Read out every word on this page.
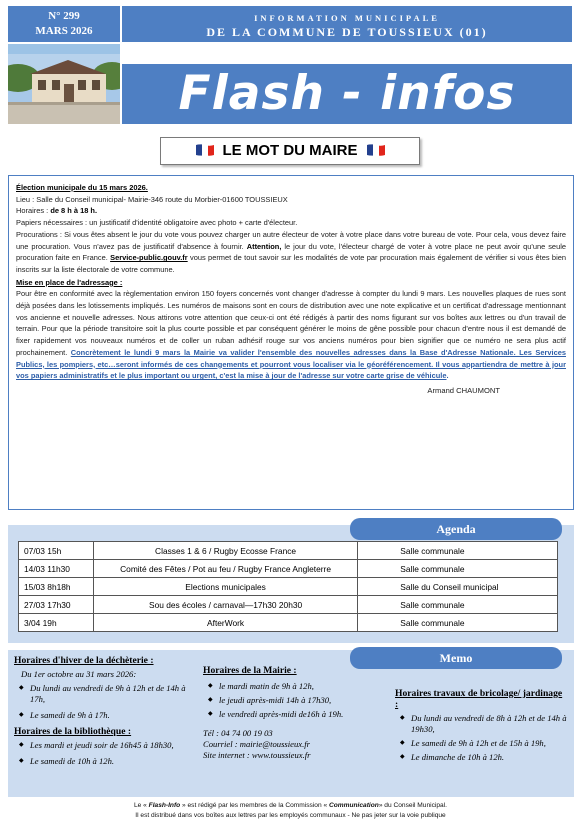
N° 299
MARS 2026
INFORMATION MUNICIPALE
DE LA COMMUNE DE TOUSSIEUX (01)
Flash - infos
LE MOT DU MAIRE

Élection municipale du 15 mars 2026.

Lieu : Salle du Conseil municipal- Mairie-346 route du Morbier-01600 TOUSSIEUX

Horaires : de 8 h à 18 h.

Papiers nécessaires : un justificatif d'identité obligatoire avec photo + carte d'électeur.

Procurations : Si vous êtes absent le jour du vote vous pouvez charger un autre électeur de voter à votre place dans votre bureau de vote. Pour cela, vous devez faire une procuration. Vous n'avez pas de justificatif d'absence à fournir. Attention, le jour du vote, l'électeur chargé de voter à votre place ne peut avoir qu'une seule procuration faite en France. Service-public.gouv.fr vous permet de tout savoir sur les modalités de vote par procuration mais également de vérifier si vous êtes bien inscrits sur la liste électorale de votre commune.

Mise en place de l'adressage :

Pour être en conformité avec la règlementation environ 150 foyers concernés vont changer d'adresse à compter du lundi 9 mars. Les nouvelles plaques de rues sont déjà posées dans les lotissements impliqués. Les numéros de maisons sont en cours de distribution avec une note explicative et un certificat d'adressage mentionnant vos ancienne et nouvelle adresses. Nous attirons votre attention que ceux-ci ont été rédigés à partir des noms figurant sur vos boîtes aux lettres ou d'un travail de terrain. Pour que la période transitoire soit la plus courte possible et par conséquent générer le moins de gêne possible pour chacun d'entre nous il est demandé de fixer rapidement vos nouveaux numéros et de coller un ruban adhésif rouge sur vos anciens numéros pour bien signifier que ce numéro ne sera plus actif prochainement. Concrètement le lundi 9 mars la Mairie va valider l'ensemble des nouvelles adresses dans la Base d'Adresse Nationale. Les Services Publics, les pompiers, etc…seront informés de ces changements et pourront vous localiser via le géoréférencement. Il vous appartiendra de mettre à jour vos papiers administratifs et le plus important ou urgent, c'est la mise à jour de l'adresse sur votre carte grise de véhicule.

Armand CHAUMONT

Agenda
07/03 15h	Classes 1 & 6 / Rugby Ecosse France	Salle communale
14/03 11h30	Comité des Fêtes / Pot au feu / Rugby France Angleterre	Salle communale
15/03 8h18h	Elections municipales	Salle du Conseil municipal
27/03 17h30	Sou des écoles / carnaval—17h30 20h30	Salle communale
3/04 19h	AfterWork	Salle communale
Memo
Horaires d'hiver de la déchèterie :
Du 1er octobre au 31 mars 2026:
◆ Du lundi au vendredi de 9h à 12h et de 14h à 17h,
◆ Le samedi de 9h à 17h.
Horaires de la bibliothèque :
◆ Les mardi et jeudi soir de 16h45 à 18h30,
◆ Le samedi de 10h à 12h.
Horaires de la Mairie :
◆ le mardi matin de 9h à 12h,
◆ le jeudi après-midi 14h à 17h30,
◆ le vendredi après-midi de16h à 19h.
Tél : 04 74 00 19 03
Courriel : mairie@toussieux.fr
Site internet : www.toussieux.fr
Horaires travaux de bricolage/ jardinage :
◆ Du lundi au vendredi de 8h à 12h et de 14h à 19h30,
◆ Le samedi de 9h à 12h et de 15h à 19h,
◆ Le dimanche de 10h à 12h.
Le « Flash-Info » est rédigé par les membres de la Commission « Communication» du Conseil Municipal.
Il est distribué dans vos boîtes aux lettres par les employés communaux - Ne pas jeter sur la voie publique
